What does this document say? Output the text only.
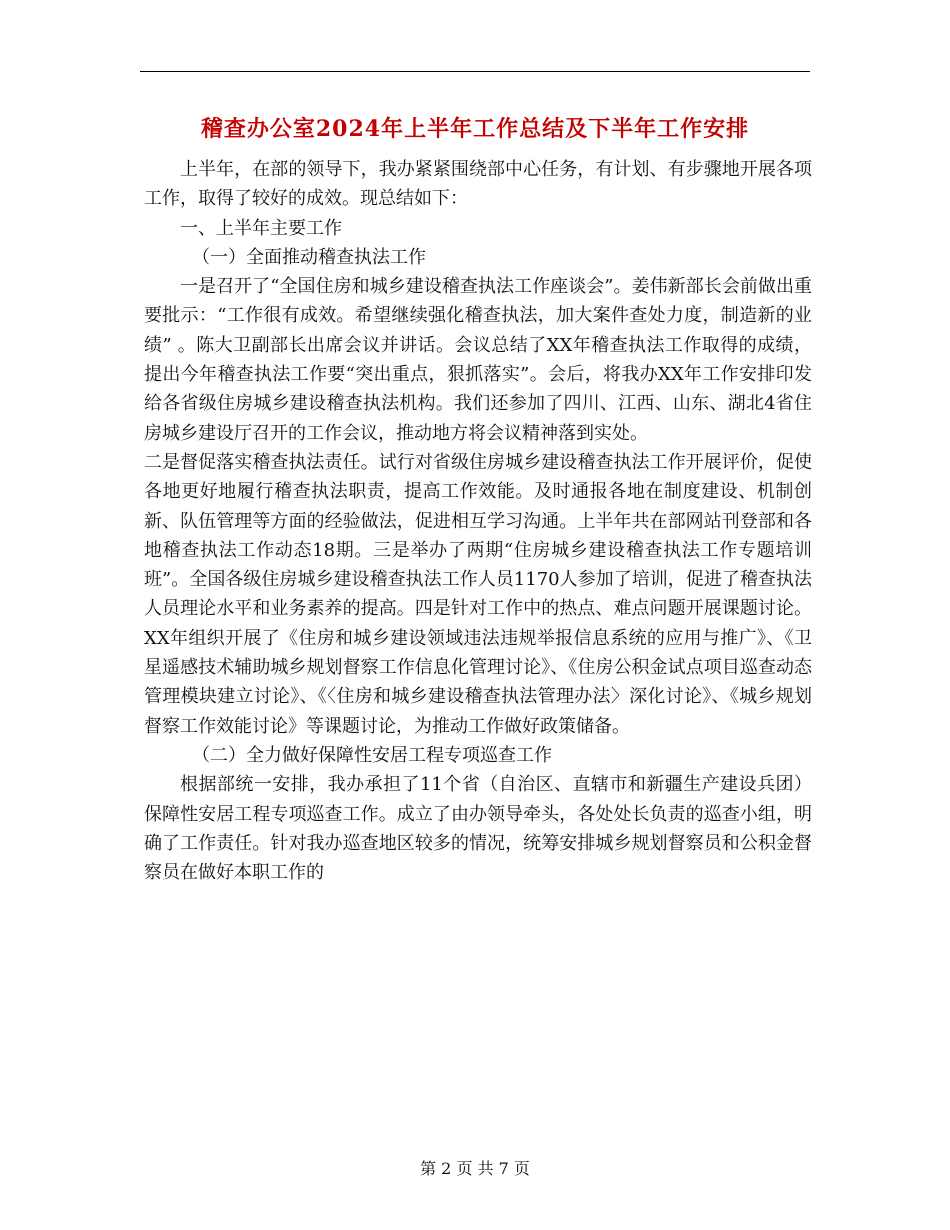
稽查办公室2024年上半年工作总结及下半年工作安排

上半年，在部的领导下，我办紧紧围绕部中心任务，有计划、有步骤地开展各项工作，取得了较好的成效。现总结如下：

一、上半年主要工作

（一）全面推动稽查执法工作

一是召开了“全国住房和城乡建设稽查执法工作座谈会”。姜伟新部长会前做出重要批示：“工作很有成效。希望继续强化稽查执法，加大案件查处力度，制造新的业绩” 。陈大卫副部长出席会议并讲话。会议总结了XX年稽查执法工作取得的成绩，提出今年稽查执法工作要“突出重点，狠抓落实”。会后，将我办XX年工作安排印发给各省级住房城乡建设稽查执法机构。我们还参加了四川、江西、山东、湖北4省住房城乡建设厅召开的工作会议，推动地方将会议精神落到实处。

二是督促落实稽查执法责任。试行对省级住房城乡建设稽查执法工作开展评价，促使各地更好地履行稽查执法职责，提高工作效能。及时通报各地在制度建设、机制创新、队伍管理等方面的经验做法，促进相互学习沟通。上半年共在部网站刊登部和各地稽查执法工作动态18期。三是举办了两期“住房城乡建设稽查执法工作专题培训班”。全国各级住房城乡建设稽查执法工作人员1170人参加了培训，促进了稽查执法人员理论水平和业务素养的提高。四是针对工作中的热点、难点问题开展课题讨论。XX年组织开展了《住房和城乡建设领域违法违规举报信息系统的应用与推广》、《卫星遥感技术辅助城乡规划督察工作信息化管理讨论》、《住房公积金试点项目巡查动态管理模块建立讨论》、《〈住房和城乡建设稽查执法管理办法〉深化讨论》、《城乡规划督察工作效能讨论》等课题讨论，为推动工作做好政策储备。

（二）全力做好保障性安居工程专项巡查工作

根据部统一安排，我办承担了11个省（自治区、直辖市和新疆生产建设兵团）保障性安居工程专项巡查工作。成立了由办领导牵头，各处处长负责的巡查小组，明确了工作责任。针对我办巡查地区较多的情况，统筹安排城乡规划督察员和公积金督察员在做好本职工作的

第 2 页 共 7 页
